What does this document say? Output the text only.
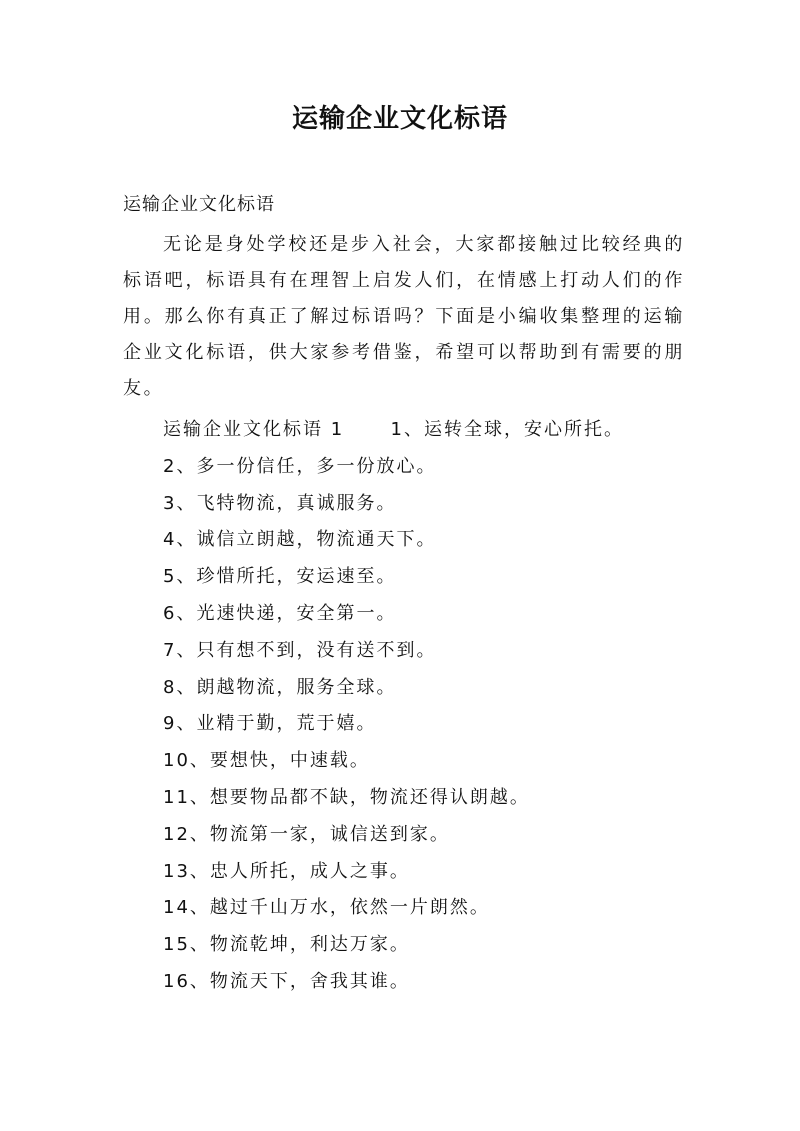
运输企业文化标语
运输企业文化标语

无论是身处学校还是步入社会，大家都接触过比较经典的标语吧，标语具有在理智上启发人们，在情感上打动人们的作用。那么你有真正了解过标语吗？下面是小编收集整理的运输企业文化标语，供大家参考借鉴，希望可以帮助到有需要的朋友。

运输企业文化标语 1      1、运转全球，安心所托。
2、多一份信任，多一份放心。
3、飞特物流，真诚服务。
4、诚信立朗越，物流通天下。
5、珍惜所托，安运速至。
6、光速快递，安全第一。
7、只有想不到，没有送不到。
8、朗越物流，服务全球。
9、业精于勤，荒于嬉。
10、要想快，中速载。
11、想要物品都不缺，物流还得认朗越。
12、物流第一家，诚信送到家。
13、忠人所托，成人之事。
14、越过千山万水，依然一片朗然。
15、物流乾坤，利达万家。
16、物流天下，舍我其谁。
